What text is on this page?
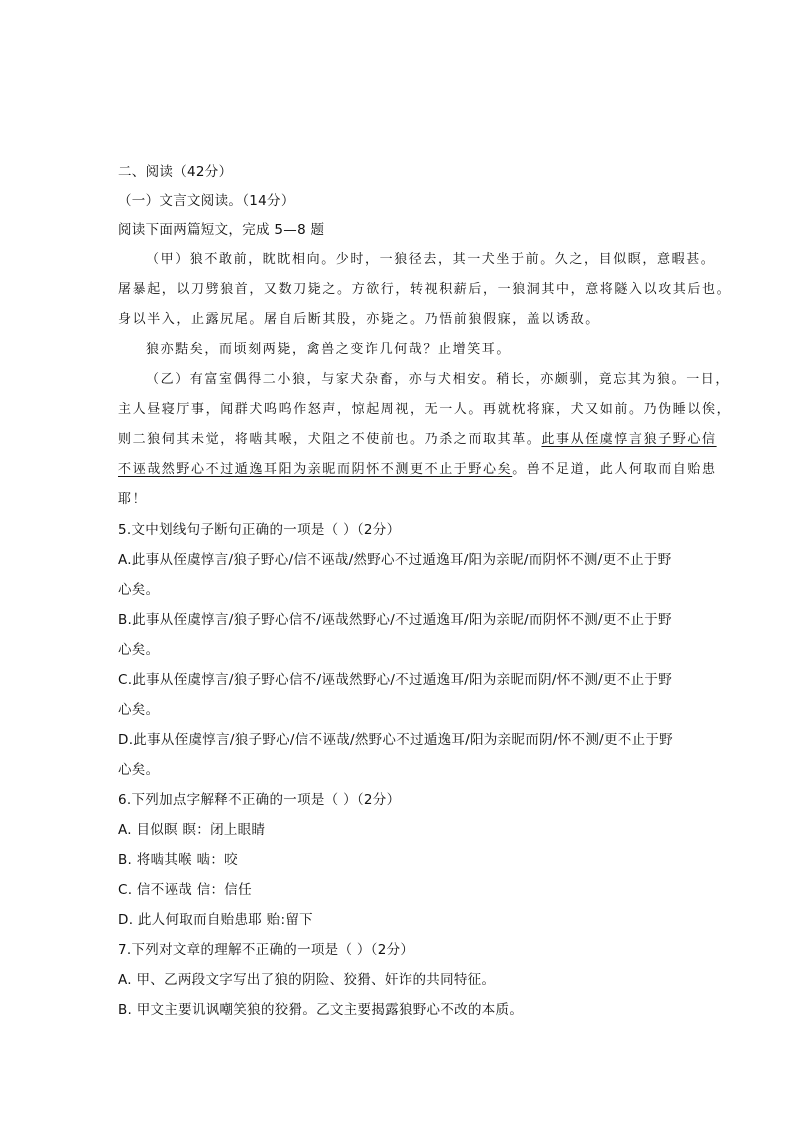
二、阅读（42分）
（一）文言文阅读。（14分）
阅读下面两篇短文，完成 5—8 题
（甲）狼不敢前，眈眈相向。少时，一狼径去，其一犬坐于前。久之，目似瞑，意暇甚。
屠暴起，以刀劈狼首，又数刀毙之。方欲行，转视积薪后，一狼洞其中，意将隧入以攻其后也。
身以半入，止露尻尾。屠自后断其股，亦毙之。乃悟前狼假寐，盖以诱敌。
狼亦黠矣，而顷刻两毙，禽兽之变诈几何哉？止增笑耳。
（乙）有富室偶得二小狼，与家犬杂畜，亦与犬相安。稍长，亦颇驯，竟忘其为狼。一日，
主人昼寝厅事，闻群犬呜呜作怒声，惊起周视，无一人。再就枕将寐，犬又如前。乃伪睡以俟，
则二狼伺其未觉，将啮其喉，犬阻之不使前也。乃杀之而取其革。此事从侄虞惇言狼子野心信
不诬哉然野心不过遁逸耳阳为亲昵而阴怀不测更不止于野心矣。兽不足道，此人何取而自贻患
耶！
5.文中划线句子断句正确的一项是（ ）（2分）
A.此事从侄虞惇言/狼子野心/信不诬哉/然野心不过遁逸耳/阳为亲昵/而阴怀不测/更不止于野
心矣。
B.此事从侄虞惇言/狼子野心信不/诬哉然野心/不过遁逸耳/阳为亲昵/而阴怀不测/更不止于野
心矣。
C.此事从侄虞惇言/狼子野心信不/诬哉然野心/不过遁逸耳/阳为亲昵而阴/怀不测/更不止于野
心矣。
D.此事从侄虞惇言/狼子野心/信不诬哉/然野心不过遁逸耳/阳为亲昵而阴/怀不测/更不止于野
心矣。
6.下列加点字解释不正确的一项是（ ）（2分）
A. 目似瞑 瞑：闭上眼睛
B. 将啮其喉 啮：咬
C. 信不诬哉 信：信任
D. 此人何取而自贻患耶 贻:留下
7.下列对文章的理解不正确的一项是（ ）（2分）
A. 甲、乙两段文字写出了狼的阴险、狡猾、奸诈的共同特征。
B. 甲文主要讥讽嘲笑狼的狡猾。乙文主要揭露狼野心不改的本质。
